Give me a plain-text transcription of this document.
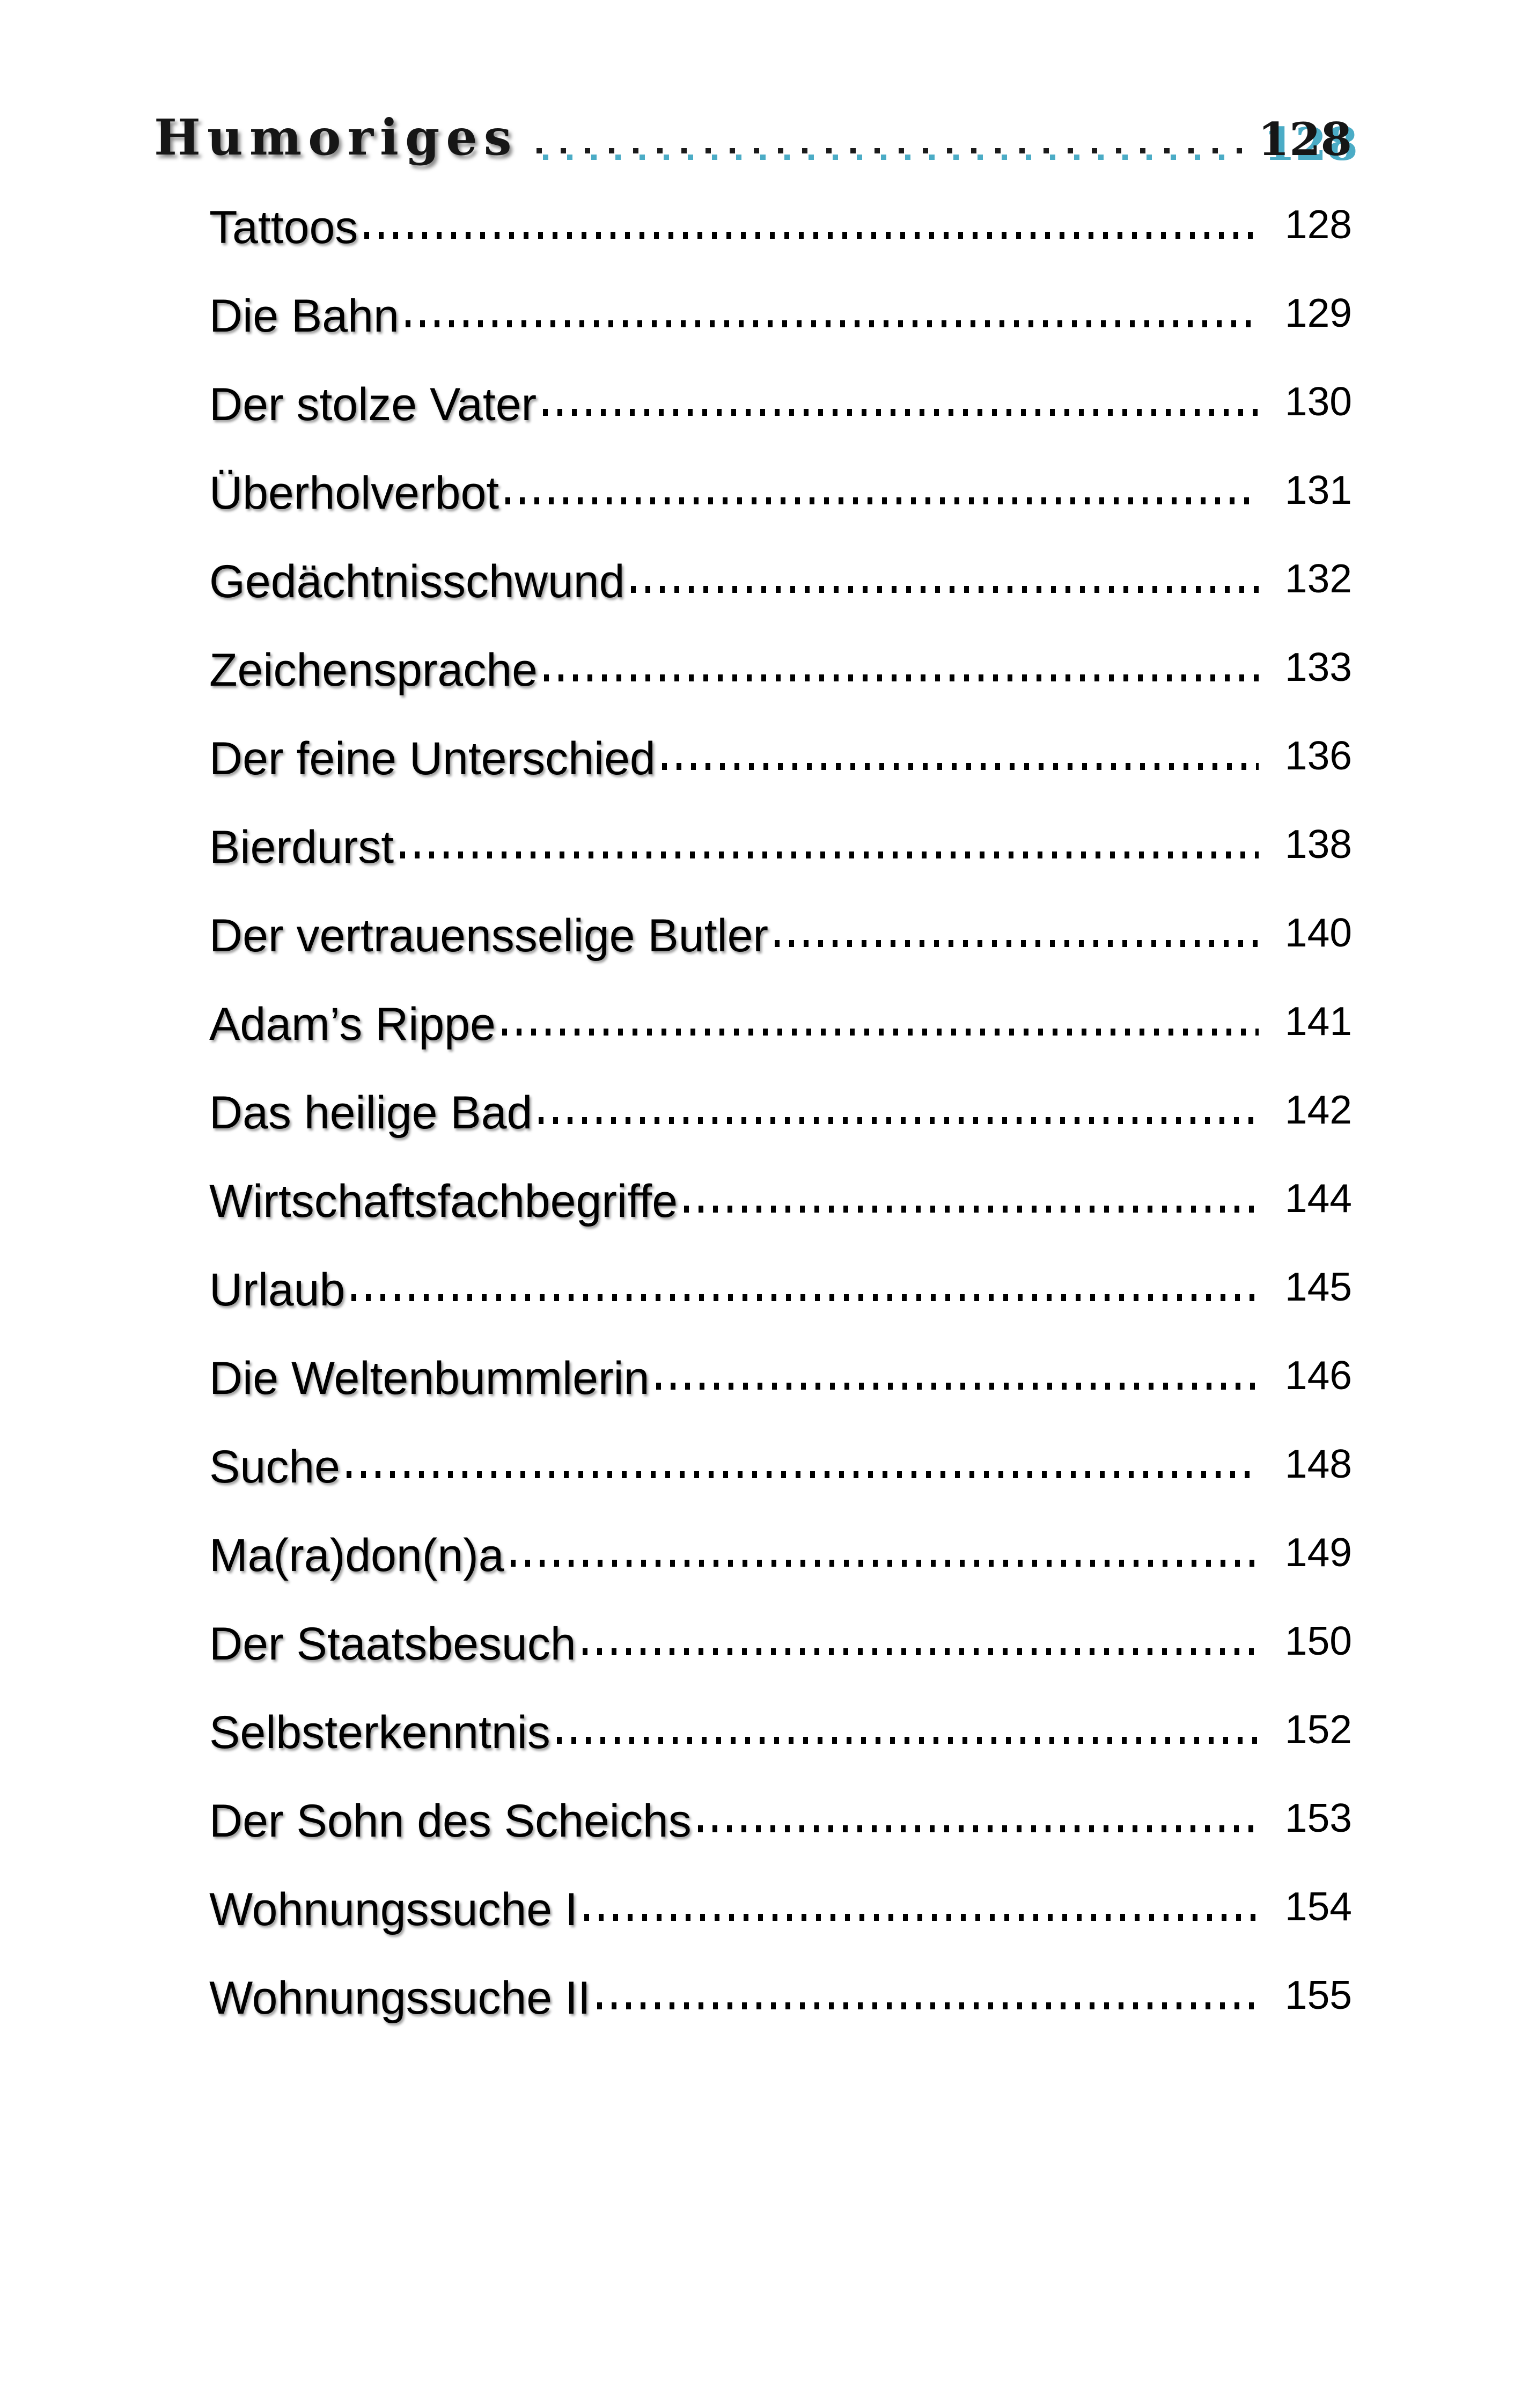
Humoriges	128
Tattoos	128
Die Bahn	129
Der stolze Vater	130
Überholverbot	131
Gedächtnisschwund	132
Zeichensprache	133
Der feine Unterschied	136
Bierdurst	138
Der vertrauensselige Butler	140
Adam’s Rippe	141
Das heilige Bad	142
Wirtschaftsfachbegriffe	144
Urlaub	145
Die Weltenbummlerin	146
Suche	148
Ma(ra)don(n)a	149
Der Staatsbesuch	150
Selbsterkenntnis	152
Der Sohn des Scheichs	153
Wohnungssuche I	154
Wohnungssuche II	155
